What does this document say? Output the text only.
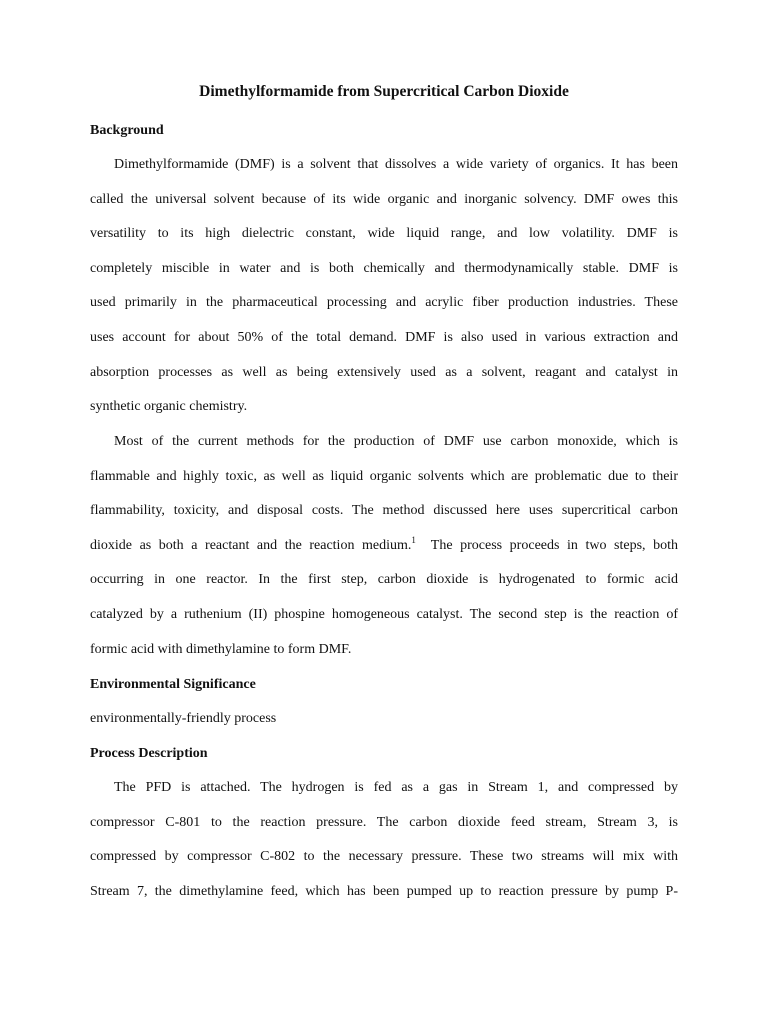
Dimethylformamide from Supercritical Carbon Dioxide
Background
Dimethylformamide (DMF) is a solvent that dissolves a wide variety of organics. It has been
called the universal solvent because of its wide organic and inorganic solvency. DMF owes this
versatility to its high dielectric constant, wide liquid range, and low volatility. DMF is
completely miscible in water and is both chemically and thermodynamically stable. DMF is
used primarily in the pharmaceutical processing and acrylic fiber production industries. These
uses account for about 50% of the total demand. DMF is also used in various extraction and
absorption processes as well as being extensively used as a solvent, reagant and catalyst in
synthetic organic chemistry.
Most of the current methods for the production of DMF use carbon monoxide, which is
flammable and highly toxic, as well as liquid organic solvents which are problematic due to their
flammability, toxicity, and disposal costs. The method discussed here uses supercritical carbon
dioxide as both a reactant and the reaction medium.$^1$  The process proceeds in two steps, both
occurring in one reactor. In the first step, carbon dioxide is hydrogenated to formic acid
catalyzed by a ruthenium (II) phospine homogeneous catalyst. The second step is the reaction of
formic acid with dimethylamine to form DMF.
Environmental Significance
environmentally-friendly process
Process Description
The PFD is attached. The hydrogen is fed as a gas in Stream 1, and compressed by
compressor C-801 to the reaction pressure. The carbon dioxide feed stream, Stream 3, is
compressed by compressor C-802 to the necessary pressure. These two streams will mix with
Stream 7, the dimethylamine feed, which has been pumped up to reaction pressure by pump P-
